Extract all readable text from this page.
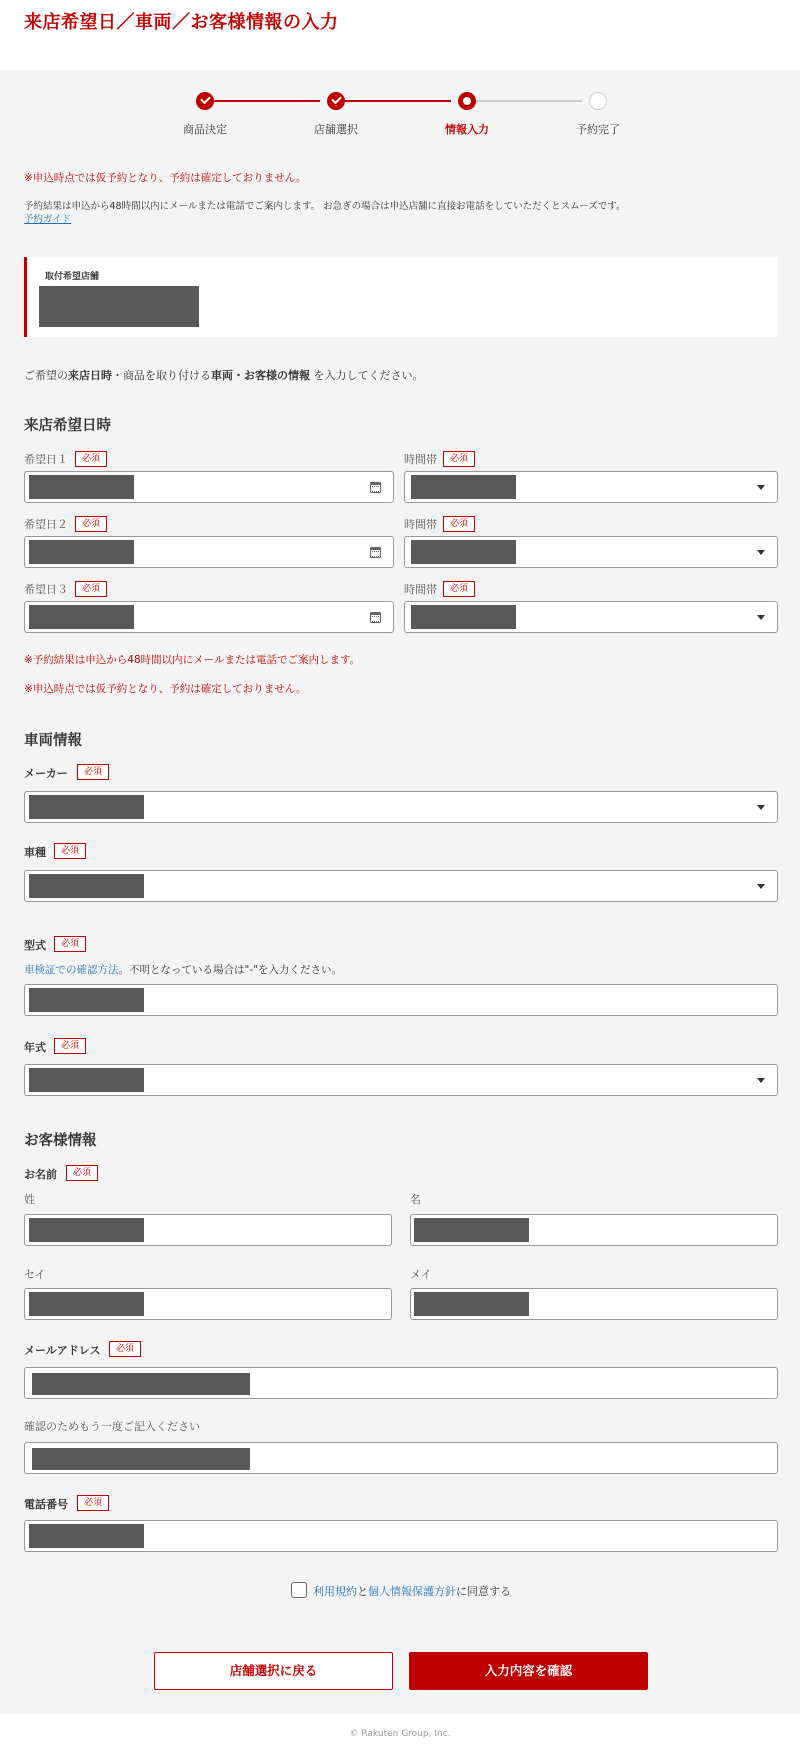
来店希望日／車両／お客様情報の入力
商品決定	店舗選択	情報入力	予約完了
※申込時点では仮予約となり、予約は確定しておりません。
予約結果は申込から48時間以内にメールまたは電話でご案内します。 お急ぎの場合は申込店舗に直接お電話をしていただくとスムーズです。
予約ガイド
取付希望店舗
ご希望の来店日時・商品を取り付ける車両・お客様の情報 を入力してください。
来店希望日時
希望日１	必須	時間帯	必須
希望日２	必須	時間帯	必須
希望日３	必須	時間帯	必須
※予約結果は申込から48時間以内にメールまたは電話でご案内します。
※申込時点では仮予約となり、予約は確定しておりません。
車両情報
メーカー	必須
車種	必須
型式	必須
車検証での確認方法。不明となっている場合は"-"を入力ください。
年式	必須
お客様情報
お名前	必須
姓	名
セイ	メイ
メールアドレス	必須
確認のためもう一度ご記入ください
電話番号	必須
利用規約と個人情報保護方針に同意する
店舗選択に戻る	入力内容を確認
© Rakuten Group, Inc.
